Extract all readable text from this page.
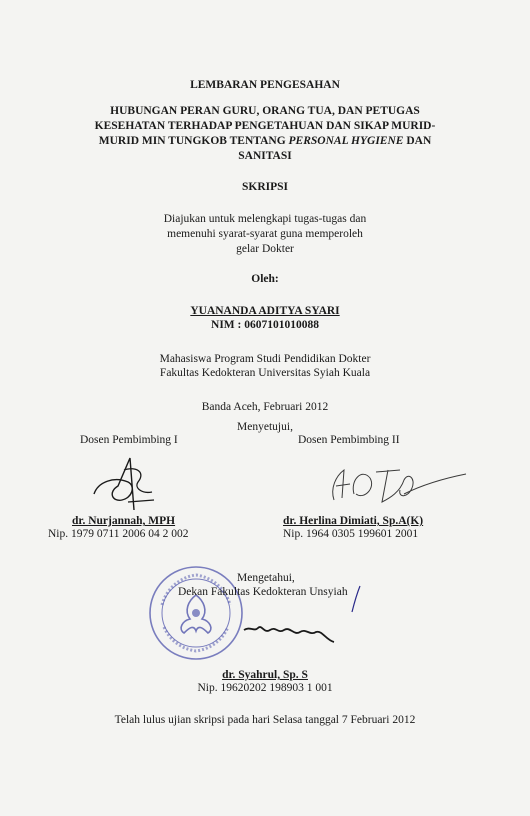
LEMBARAN PENGESAHAN
HUBUNGAN PERAN GURU, ORANG TUA, DAN PETUGAS
KESEHATAN TERHADAP PENGETAHUAN DAN SIKAP MURID-
MURID MIN TUNGKOB TENTANG PERSONAL HYGIENE DAN
SANITASI
SKRIPSI
Diajukan untuk melengkapi tugas-tugas dan
memenuhi syarat-syarat guna memperoleh
gelar Dokter
Oleh:
YUANANDA ADITYA SYARI
NIM : 0607101010088
Mahasiswa Program Studi Pendidikan Dokter
Fakultas Kedokteran Universitas Syiah Kuala
Banda Aceh, Februari 2012
Menyetujui,
Dosen Pembimbing I	Dosen Pembimbing II
dr. Nurjannah, MPH
Nip. 1979 0711 2006 04 2 002
dr. Herlina Dimiati, Sp.A(K)
Nip. 1964 0305 199601 2001
Mengetahui,
Dekan Fakultas Kedokteran Unsyiah
dr. Syahrul, Sp. S
Nip. 19620202 198903 1 001
Telah lulus ujian skripsi pada hari Selasa tanggal 7 Februari 2012
